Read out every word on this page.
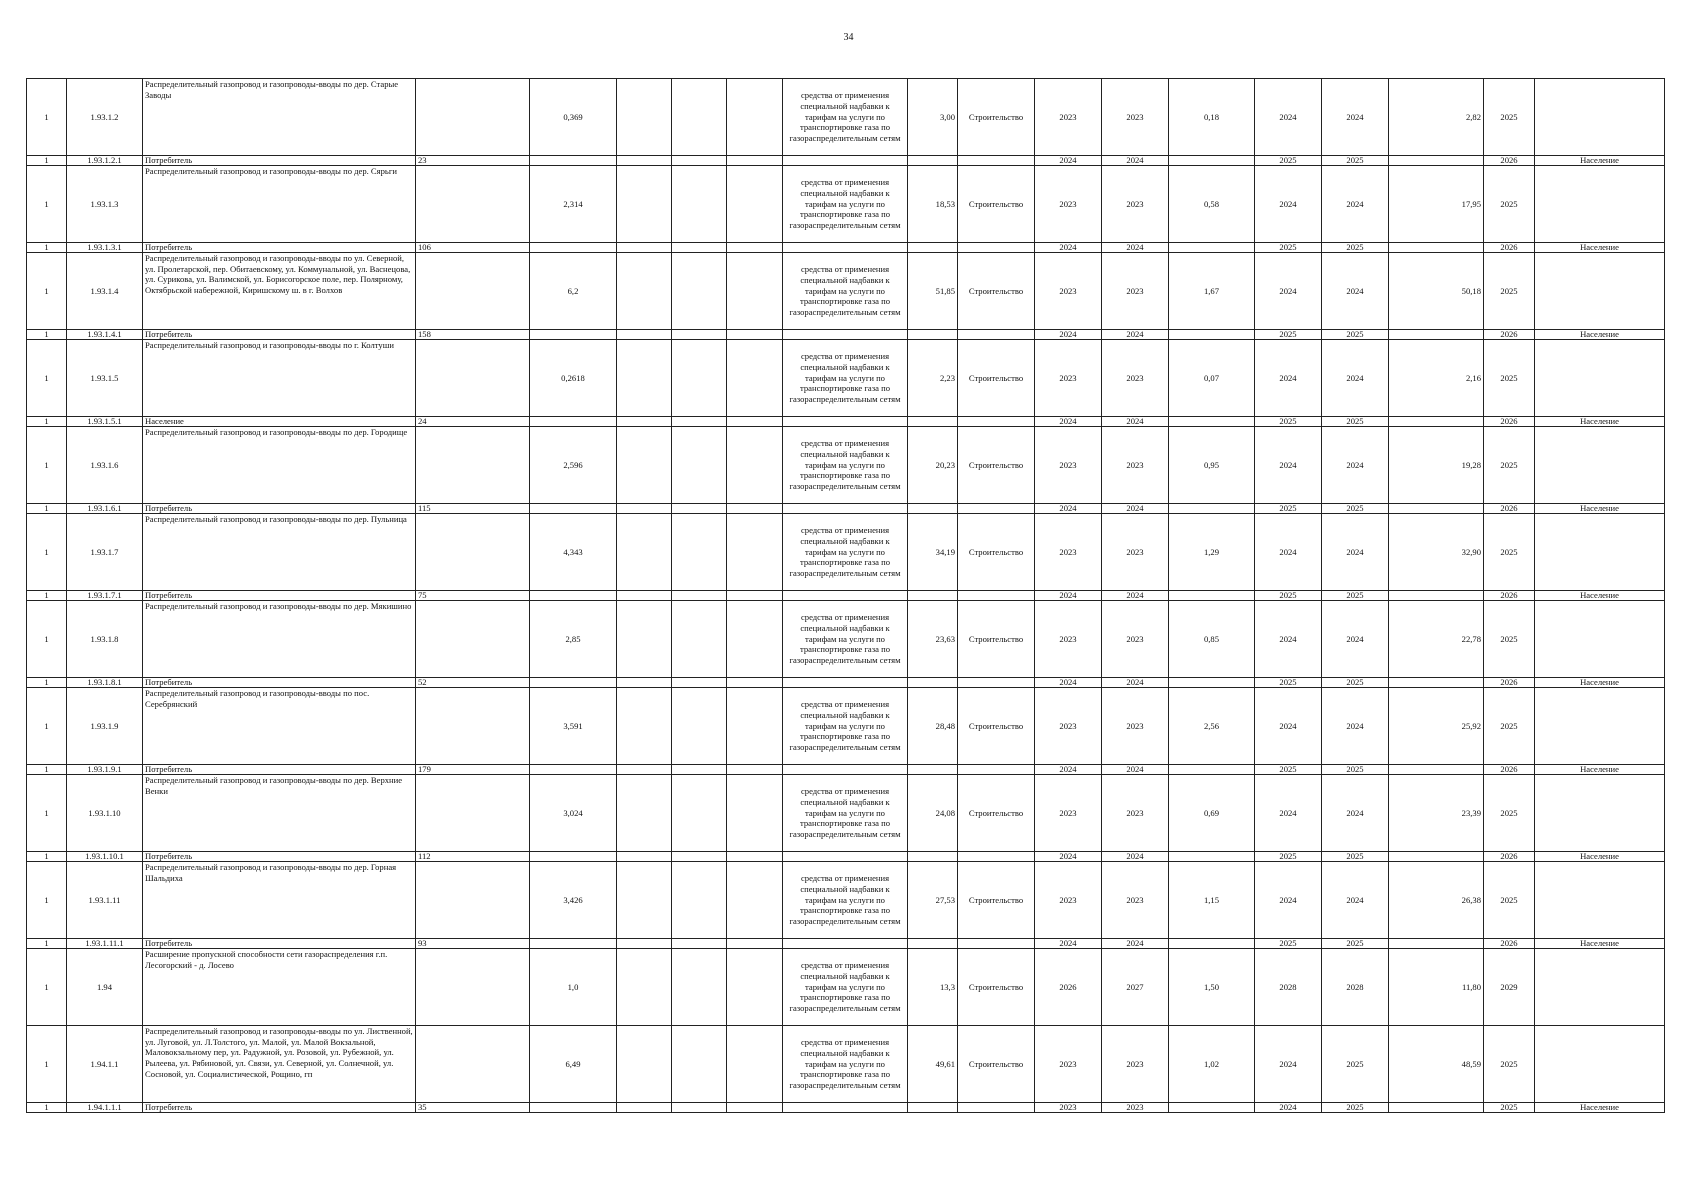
34
1	1.93.1.2	Распределительный газопровод и газопроводы-вводы по дер. Старые Заводы		0,369				средства от применения специальной надбавки к тарифам на услуги по транспортировке газа по газораспределительным сетям	3,00	Строительство	2023	2023	0,18	2024	2024	2,82	2025	
1	1.93.1.2.1	Потребитель	23								2024	2024		2025	2025		2026	Население
1	1.93.1.3	Распределительный газопровод и газопроводы-вводы по дер. Сярьги		2,314				средства от применения специальной надбавки к тарифам на услуги по транспортировке газа по газораспределительным сетям	18,53	Строительство	2023	2023	0,58	2024	2024	17,95	2025	
1	1.93.1.3.1	Потребитель	106								2024	2024		2025	2025		2026	Население
1	1.93.1.4	Распределительный газопровод и газопроводы-вводы по ул. Северной, ул. Пролетарской, пер. Обитаевскому, ул. Коммунальной, ул. Васнецова, ул. Сурикова, ул. Валимской, ул. Борисогорское поле, пер. Полярному, Октябрьской набережной, Киришскому ш. в г. Волхов		6,2				средства от применения специальной надбавки к тарифам на услуги по транспортировке газа по газораспределительным сетям	51,85	Строительство	2023	2023	1,67	2024	2024	50,18	2025	
1	1.93.1.4.1	Потребитель	158								2024	2024		2025	2025		2026	Население
1	1.93.1.5	Распределительный газопровод и газопроводы-вводы по г. Колтуши		0,2618				средства от применения специальной надбавки к тарифам на услуги по транспортировке газа по газораспределительным сетям	2,23	Строительство	2023	2023	0,07	2024	2024	2,16	2025	
1	1.93.1.5.1	Население	24								2024	2024		2025	2025		2026	Население
1	1.93.1.6	Распределительный газопровод и газопроводы-вводы по дер. Городище		2,596				средства от применения специальной надбавки к тарифам на услуги по транспортировке газа по газораспределительным сетям	20,23	Строительство	2023	2023	0,95	2024	2024	19,28	2025	
1	1.93.1.6.1	Потребитель	115								2024	2024		2025	2025		2026	Население
1	1.93.1.7	Распределительный газопровод и газопроводы-вводы по дер. Пульница		4,343				средства от применения специальной надбавки к тарифам на услуги по транспортировке газа по газораспределительным сетям	34,19	Строительство	2023	2023	1,29	2024	2024	32,90	2025	
1	1.93.1.7.1	Потребитель	75								2024	2024		2025	2025		2026	Население
1	1.93.1.8	Распределительный газопровод и газопроводы-вводы по дер. Мякишино		2,85				средства от применения специальной надбавки к тарифам на услуги по транспортировке газа по газораспределительным сетям	23,63	Строительство	2023	2023	0,85	2024	2024	22,78	2025	
1	1.93.1.8.1	Потребитель	52								2024	2024		2025	2025		2026	Население
1	1.93.1.9	Распределительный газопровод и газопроводы-вводы по пос. Серебрянский		3,591				средства от применения специальной надбавки к тарифам на услуги по транспортировке газа по газораспределительным сетям	28,48	Строительство	2023	2023	2,56	2024	2024	25,92	2025	
1	1.93.1.9.1	Потребитель	179								2024	2024		2025	2025		2026	Население
1	1.93.1.10	Распределительный газопровод и газопроводы-вводы по дер. Верхние Венки		3,024				средства от применения специальной надбавки к тарифам на услуги по транспортировке газа по газораспределительным сетям	24,08	Строительство	2023	2023	0,69	2024	2024	23,39	2025	
1	1.93.1.10.1	Потребитель	112								2024	2024		2025	2025		2026	Население
1	1.93.1.11	Распределительный газопровод и газопроводы-вводы по дер. Горная Шальдиха		3,426				средства от применения специальной надбавки к тарифам на услуги по транспортировке газа по газораспределительным сетям	27,53	Строительство	2023	2023	1,15	2024	2024	26,38	2025	
1	1.93.1.11.1	Потребитель	93								2024	2024		2025	2025		2026	Население
1	1.94	Расширение пропускной способности сети газораспределения г.п. Лесогорский - д. Лосево		1,0				средства от применения специальной надбавки к тарифам на услуги по транспортировке газа по газораспределительным сетям	13,3	Строительство	2026	2027	1,50	2028	2028	11,80	2029	
1	1.94.1.1	Распределительный газопровод и газопроводы-вводы по ул. Лиственной, ул. Луговой, ул. Л.Толстого, ул. Малой, ул. Малой Вокзальной, Маловокзальному пер, ул. Радужной, ул. Розовой, ул. Рубежной, ул. Рылеева, ул. Рябиновой, ул. Связи, ул. Северной, ул. Солнечной, ул. Сосновой, ул. Социалистической, Рощино, гп		6,49				средства от применения специальной надбавки к тарифам на услуги по транспортировке газа по газораспределительным сетям	49,61	Строительство	2023	2023	1,02	2024	2025	48,59	2025	
1	1.94.1.1.1	Потребитель	35								2023	2023		2024	2025		2025	Население
